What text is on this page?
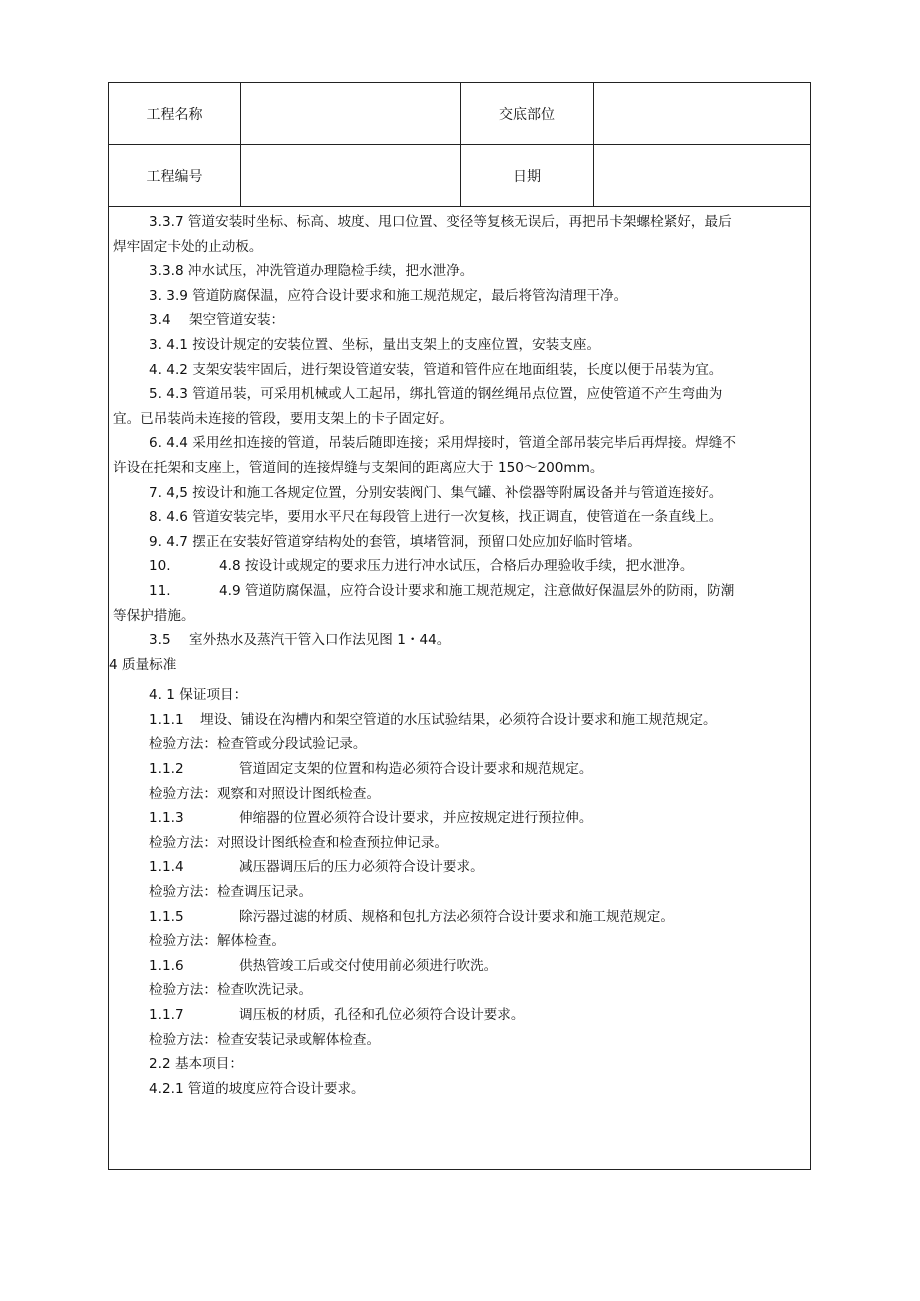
工程名称		交底部位	
工程编号		日期	

3.3.7 管道安装时坐标、标高、坡度、甩口位置、变径等复核无误后，再把吊卡架螺栓紧好，最后

焊牢固定卡处的止动板。

3.3.8 冲水试压，冲洗管道办理隐检手续，把水泄净。

3. 3.9 管道防腐保温，应符合设计要求和施工规范规定，最后将管沟清理干净。

3.4 架空管道安装：

3. 4.1 按设计规定的安装位置、坐标，量出支架上的支座位置，安装支座。

4. 4.2 支架安装牢固后，进行架设管道安装，管道和管件应在地面组装，长度以便于吊装为宜。

5. 4.3 管道吊装，可采用机械或人工起吊，绑扎管道的钢丝绳吊点位置，应使管道不产生弯曲为

宜。已吊装尚未连接的管段，要用支架上的卡子固定好。

6. 4.4 采用丝扣连接的管道，吊装后随即连接；采用焊接时，管道全部吊装完毕后再焊接。焊缝不

许设在托架和支座上，管道间的连接焊缝与支架间的距离应大于 150～200mm。

7. 4,5 按设计和施工各规定位置，分别安装阀门、集气罐、补偿器等附属设备并与管道连接好。

8. 4.6 管道安装完毕，要用水平尺在每段管上进行一次复核，找正调直，使管道在一条直线上。

9. 4.7 摆正在安装好管道穿结构处的套管，填堵管洞，预留口处应加好临时管堵。

10.	4.8 按设计或规定的要求压力进行冲水试压，合格后办理验收手续，把水泄净。

11.	4.9 管道防腐保温，应符合设计要求和施工规范规定，注意做好保温层外的防雨，防潮

等保护措施。

3.5 室外热水及蒸汽干管入口作法见图 1・44。

4 质量标准

4. 1 保证项目：

1.1.1 埋设、铺设在沟槽内和架空管道的水压试验结果，必须符合设计要求和施工规范规定。

检验方法：检查管或分段试验记录。

1.1.2	管道固定支架的位置和构造必须符合设计要求和规范规定。

检验方法：观察和对照设计图纸检查。

1.1.3	伸缩器的位置必须符合设计要求，并应按规定进行预拉伸。

检验方法：对照设计图纸检查和检查预拉伸记录。

1.1.4	减压器调压后的压力必须符合设计要求。

检验方法：检查调压记录。

1.1.5	除污器过滤的材质、规格和包扎方法必须符合设计要求和施工规范规定。

检验方法：解体检查。

1.1.6	供热管竣工后或交付使用前必须进行吹洗。

检验方法：检查吹洗记录。

1.1.7	调压板的材质，孔径和孔位必须符合设计要求。

检验方法：检查安装记录或解体检查。

2.2 基本项目：

4.2.1 管道的坡度应符合设计要求。
